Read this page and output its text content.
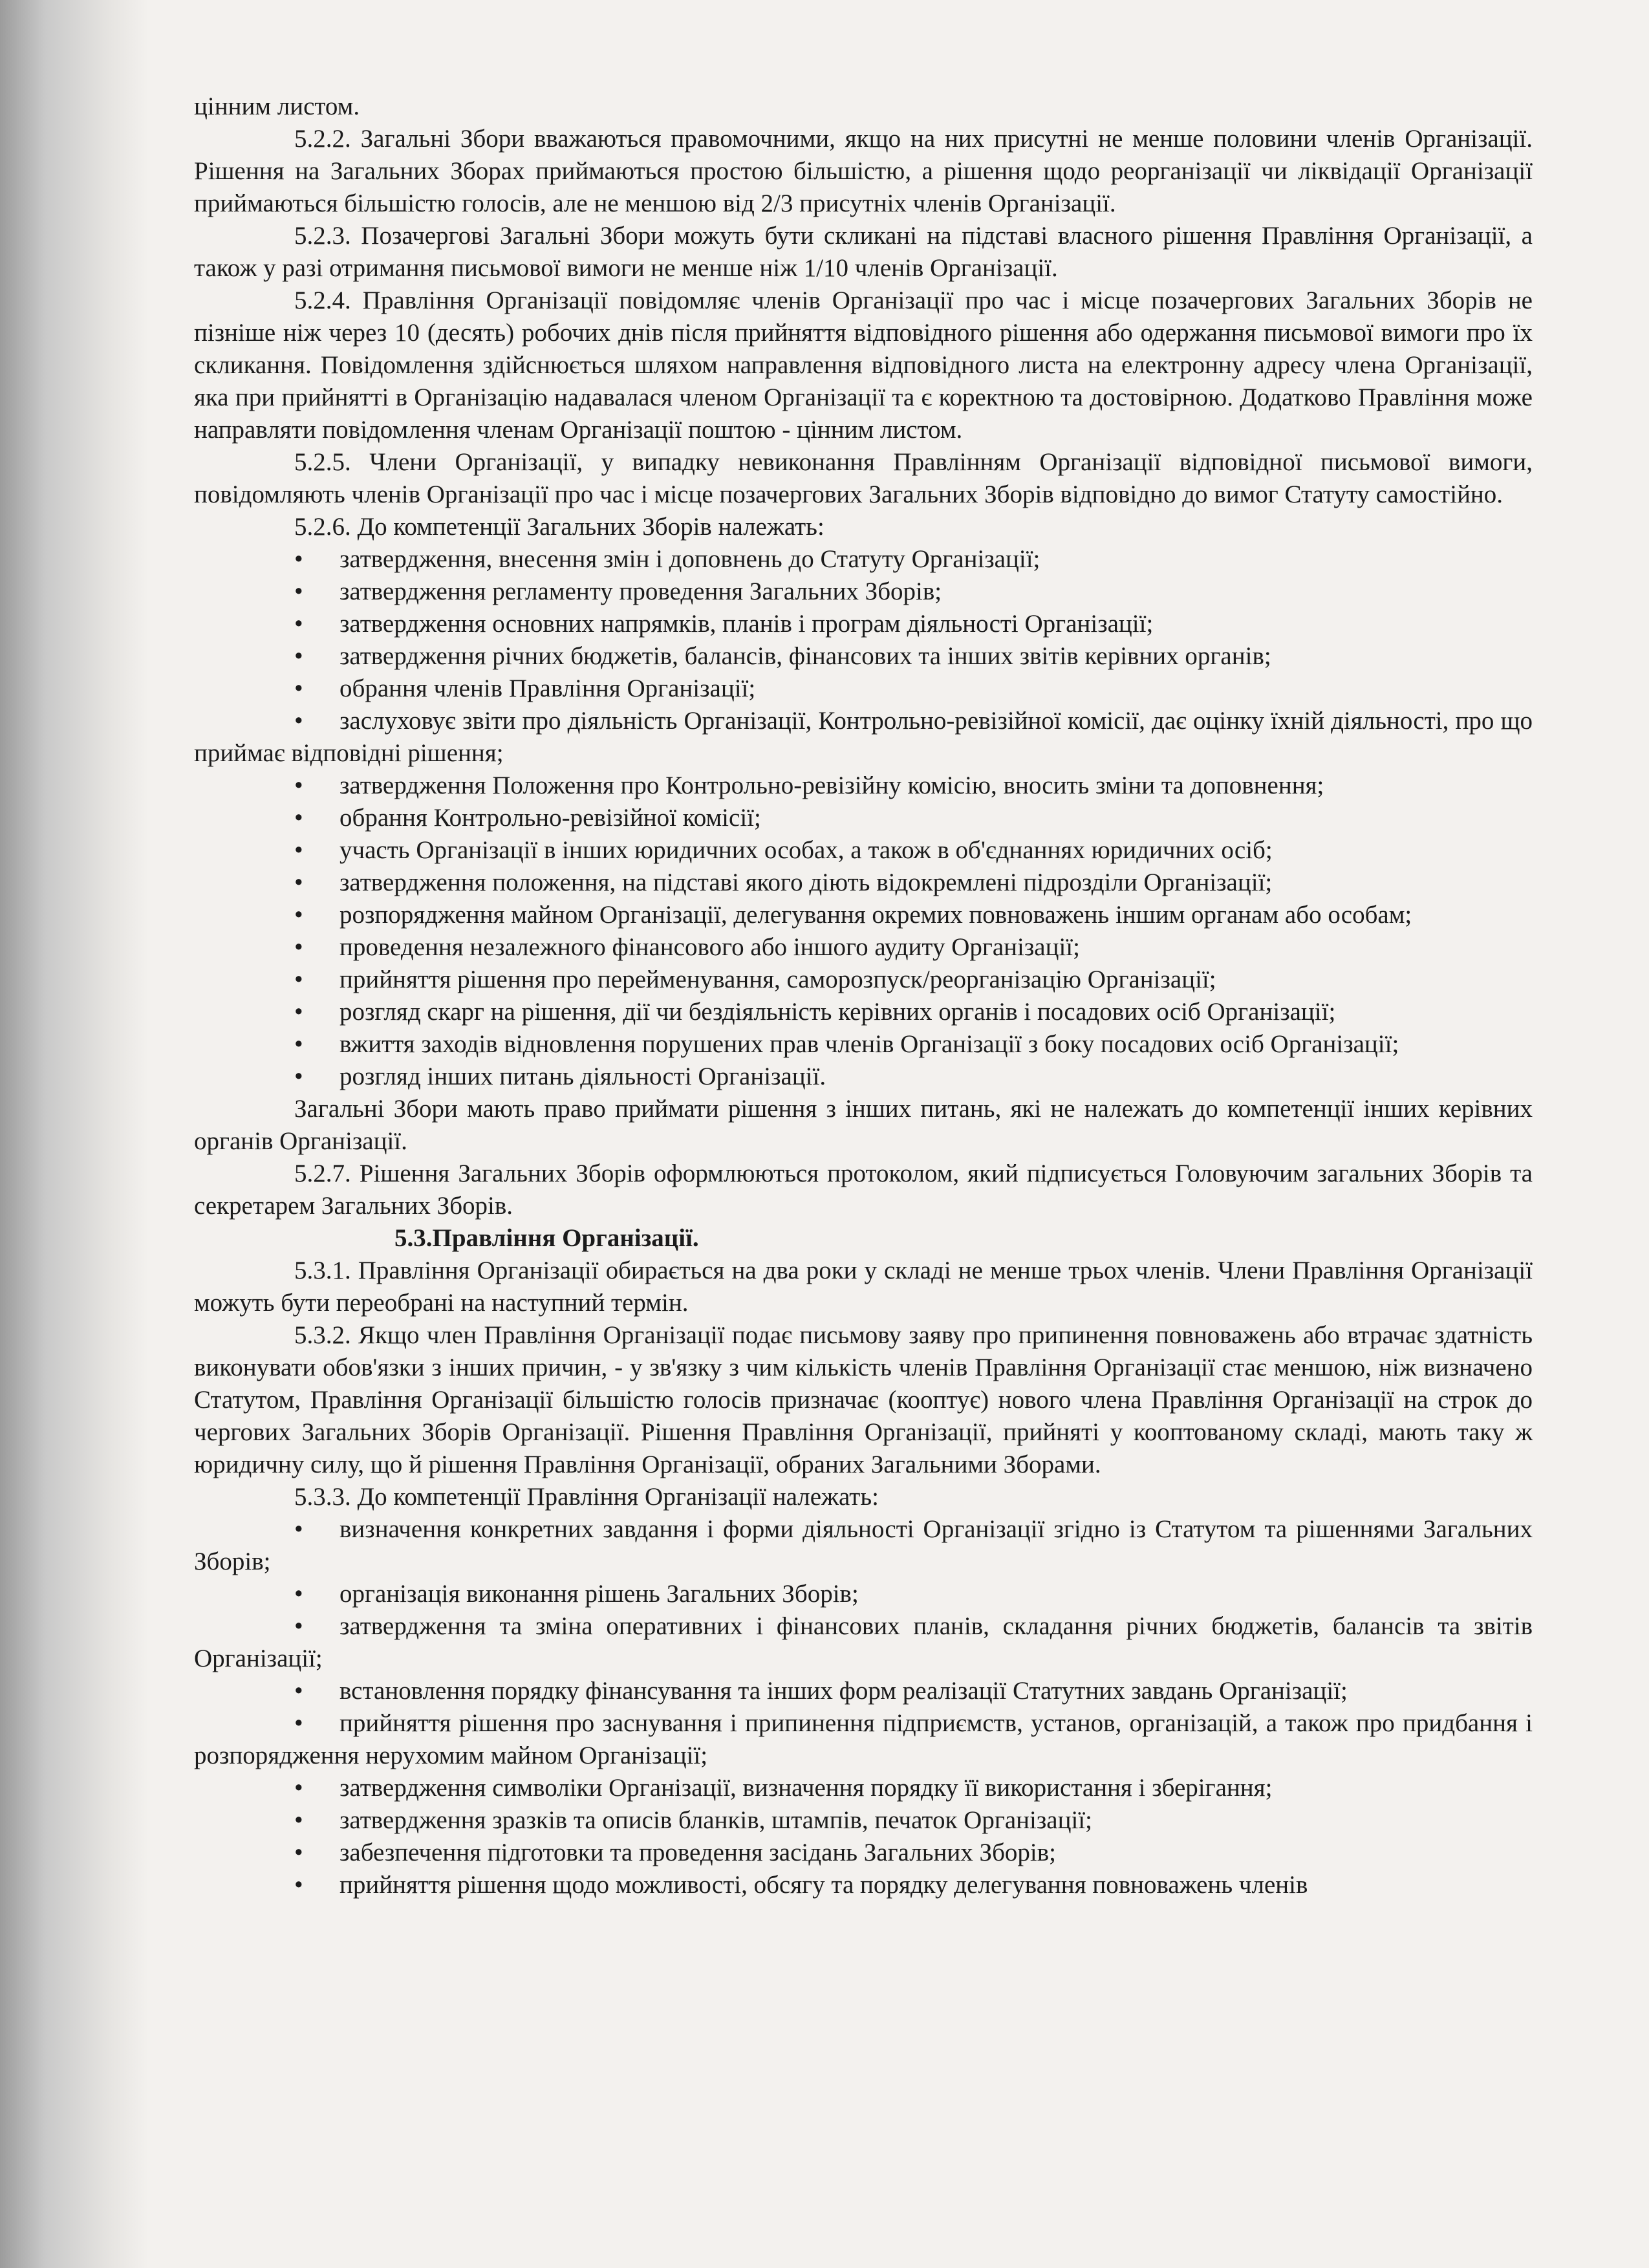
цінним листом.

5.2.2. Загальні Збори вважаються правомочними, якщо на них присутні не менше половини членів Організації. Рішення на Загальних Зборах приймаються простою більшістю, а рішення щодо реорганізації чи ліквідації Організації приймаються більшістю голосів, але не меншою від 2/3 присутніх членів Організації.

5.2.3. Позачергові Загальні Збори можуть бути скликані на підставі власного рішення Правління Організації, а також у разі отримання письмової вимоги не менше ніж 1/10 членів Організації.

5.2.4. Правління Організації повідомляє членів Організації про час і місце позачергових Загальних Зборів не пізніше ніж через 10 (десять) робочих днів після прийняття відповідного рішення або одержання письмової вимоги про їх скликання. Повідомлення здійснюється шляхом направлення відповідного листа на електронну адресу члена Організації, яка при прийнятті в Організацію надавалася членом Організації та є коректною та достовірною. Додатково Правління може направляти повідомлення членам Організації поштою - цінним листом.

5.2.5. Члени Організації, у випадку невиконання Правлінням Організації відповідної письмової вимоги, повідомляють членів Організації про час і місце позачергових Загальних Зборів відповідно до вимог Статуту самостійно.

5.2.6. До компетенції Загальних Зборів належать:

• затвердження, внесення змін і доповнень до Статуту Організації;

• затвердження регламенту проведення Загальних Зборів;

• затвердження основних напрямків, планів і програм діяльності Організації;

• затвердження річних бюджетів, балансів, фінансових та інших звітів керівних органів;

• обрання членів Правління Організації;

• заслуховує звіти про діяльність Організації, Контрольно-ревізійної комісії, дає оцінку їхній діяльності, про що приймає відповідні рішення;

• затвердження Положення про Контрольно-ревізійну комісію, вносить зміни та доповнення;

• обрання Контрольно-ревізійної комісії;

• участь Організації в інших юридичних особах, а також в об'єднаннях юридичних осіб;

• затвердження положення, на підставі якого діють відокремлені підрозділи Організації;

• розпорядження майном Організації, делегування окремих повноважень іншим органам або особам;

• проведення незалежного фінансового або іншого аудиту Організації;

• прийняття рішення про перейменування, саморозпуск/реорганізацію Організації;

• розгляд скарг на рішення, дії чи бездіяльність керівних органів і посадових осіб Організації;

• вжиття заходів відновлення порушених прав членів Організації з боку посадових осіб Організації;

• розгляд інших питань діяльності Організації.

Загальні Збори мають право приймати рішення з інших питань, які не належать до компетенції інших керівних органів Організації.

5.2.7. Рішення Загальних Зборів оформлюються протоколом, який підписується Головуючим загальних Зборів та секретарем Загальних Зборів.

5.3.Правління Організації.

5.3.1. Правління Організації обирається на два роки у складі не менше трьох членів. Члени Правління Організації можуть бути переобрані на наступний термін.

5.3.2. Якщо член Правління Організації подає письмову заяву про припинення повноважень або втрачає здатність виконувати обов'язки з інших причин, - у зв'язку з чим кількість членів Правління Організації стає меншою, ніж визначено Статутом, Правління Організації більшістю голосів призначає (кооптує) нового члена Правління Організації на строк до чергових Загальних Зборів Організації. Рішення Правління Організації, прийняті у кооптованому складі, мають таку ж юридичну силу, що й рішення Правління Організації, обраних Загальними Зборами.

5.3.3. До компетенції Правління Організації належать:

• визначення конкретних завдання і форми діяльності Організації згідно із Статутом та рішеннями Загальних Зборів;

• організація виконання рішень Загальних Зборів;

• затвердження та зміна оперативних і фінансових планів, складання річних бюджетів, балансів та звітів Організації;

• встановлення порядку фінансування та інших форм реалізації Статутних завдань Організації;

• прийняття рішення про заснування і припинення підприємств, установ, організацій, а також про придбання і розпорядження нерухомим майном Організації;

• затвердження символіки Організації, визначення порядку її використання і зберігання;

• затвердження зразків та описів бланків, штампів, печаток Організації;

• забезпечення підготовки та проведення засідань Загальних Зборів;

• прийняття рішення щодо можливості, обсягу та порядку делегування повноважень членів
